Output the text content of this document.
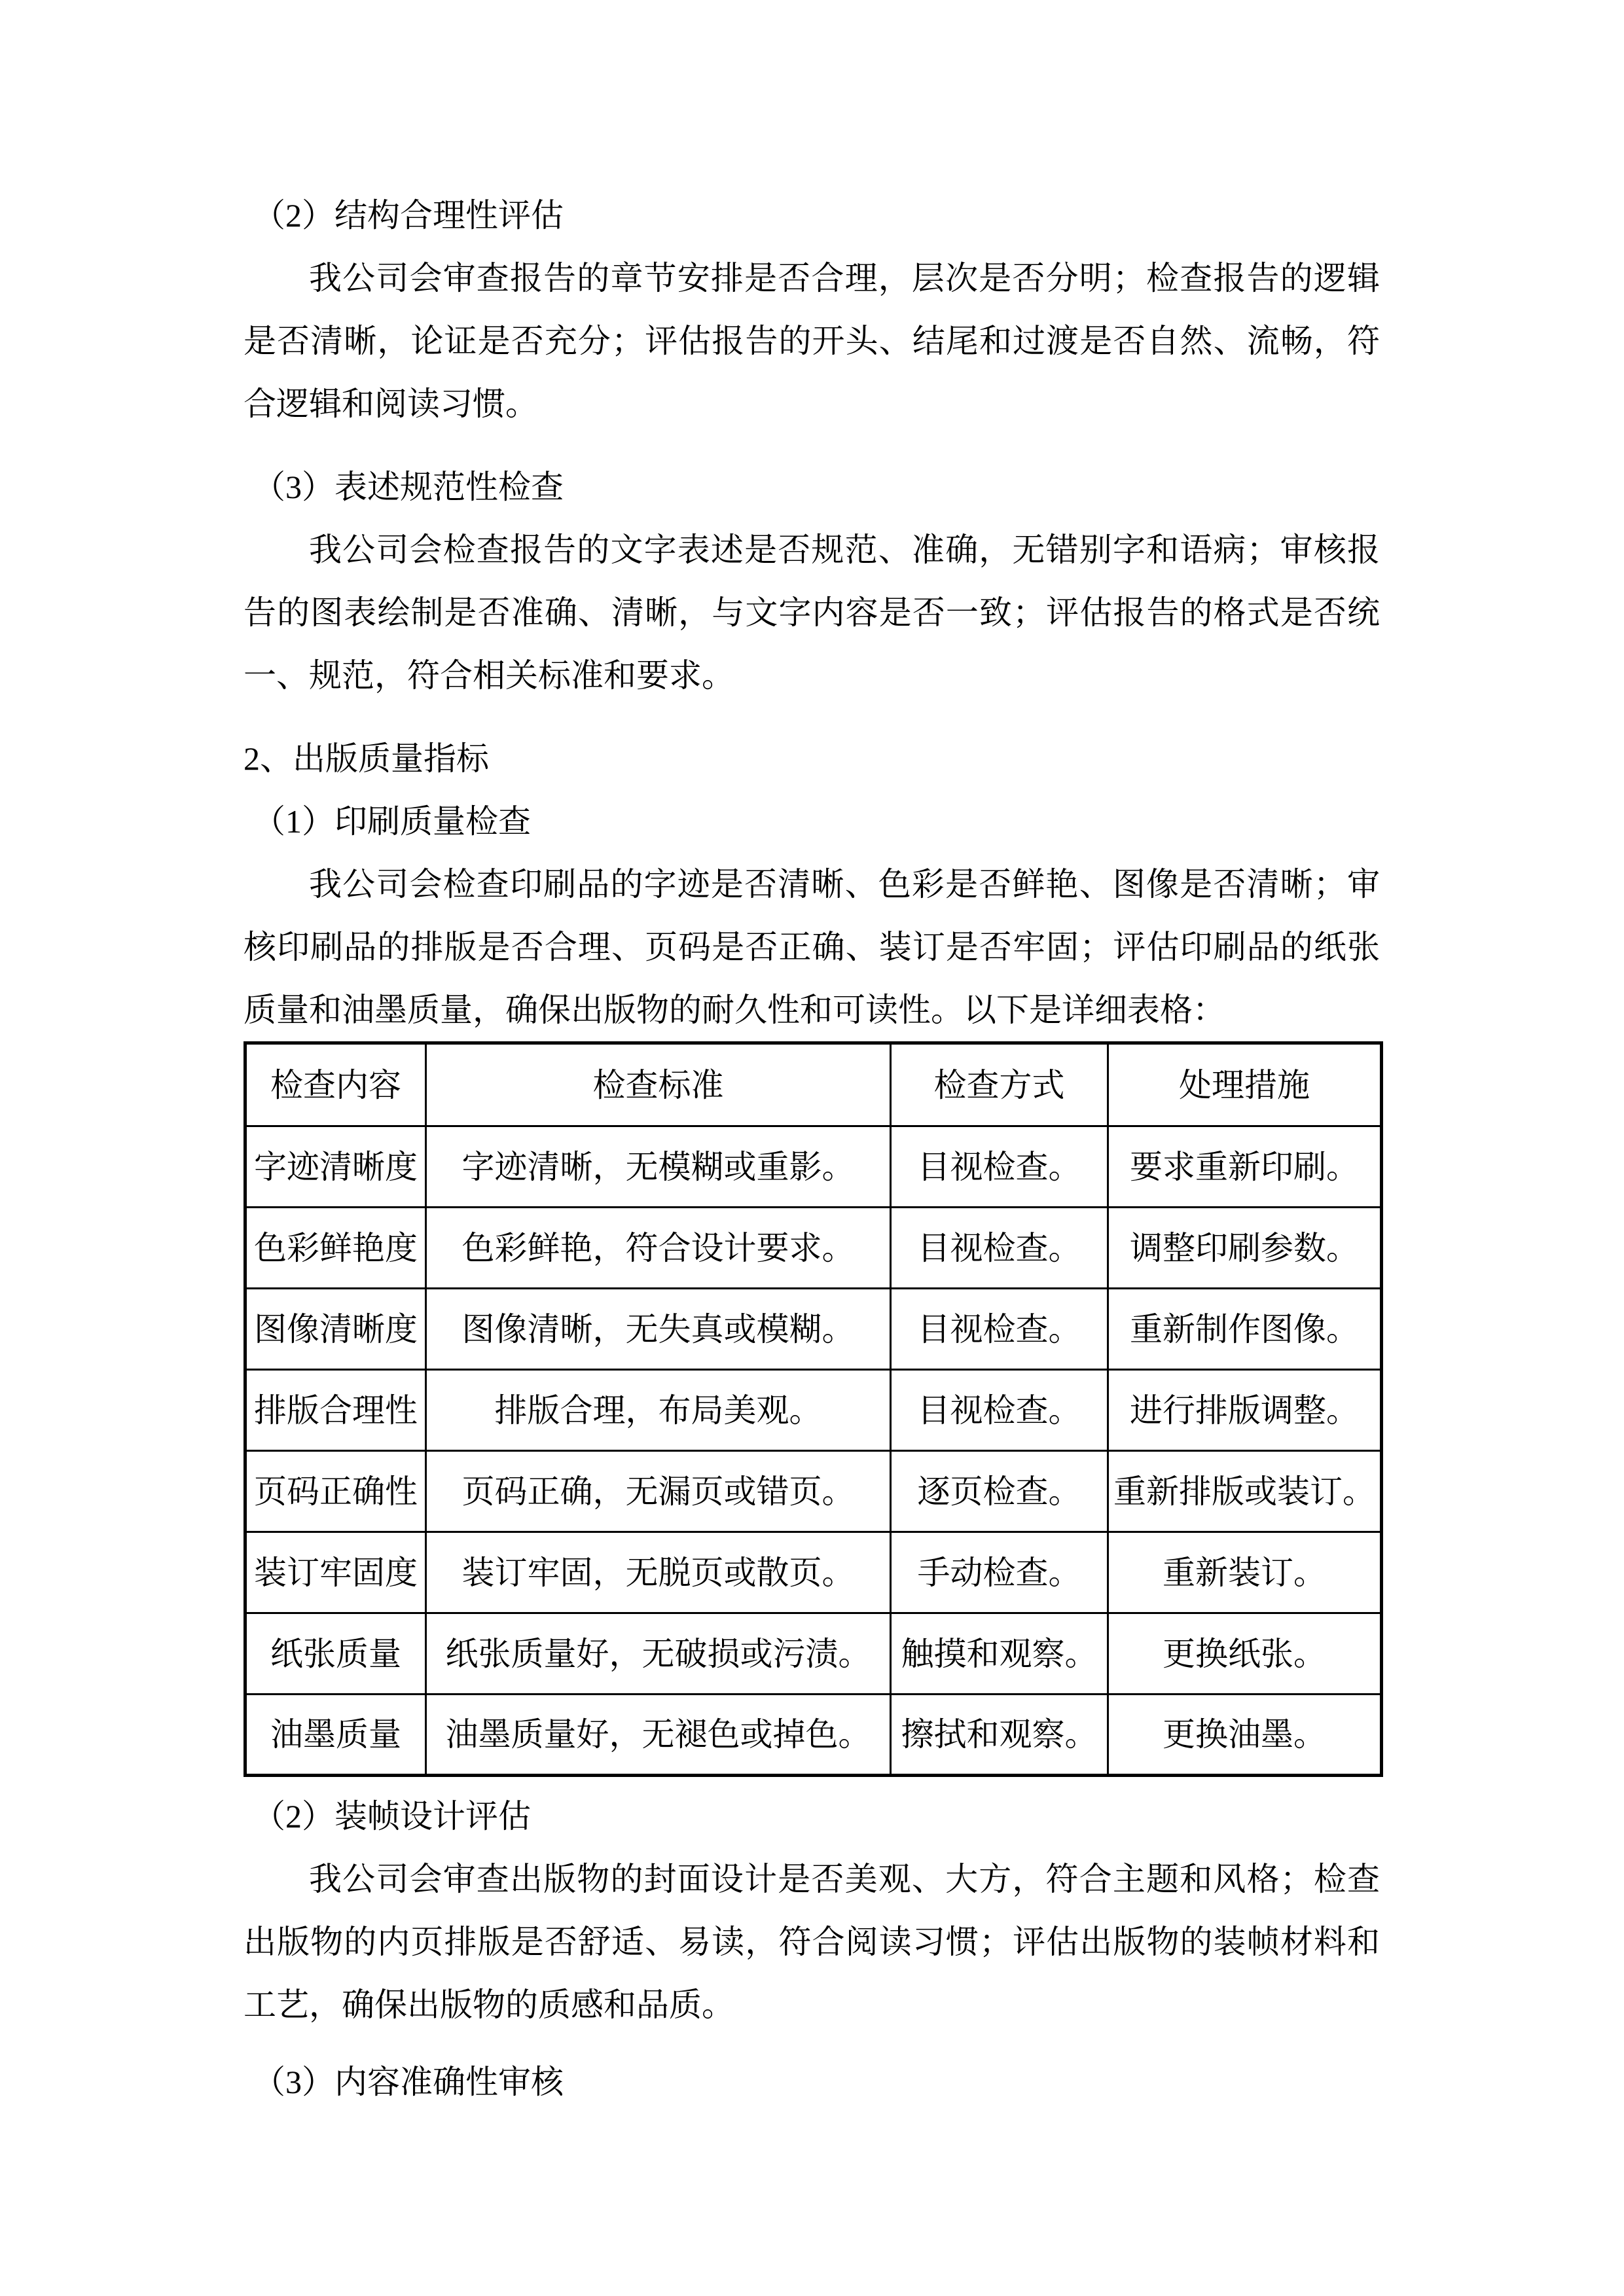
（2）结构合理性评估

我公司会审查报告的章节安排是否合理，层次是否分明；检查报告的逻辑是否清晰，论证是否充分；评估报告的开头、结尾和过渡是否自然、流畅，符合逻辑和阅读习惯。

（3）表述规范性检查

我公司会检查报告的文字表述是否规范、准确，无错别字和语病；审核报告的图表绘制是否准确、清晰，与文字内容是否一致；评估报告的格式是否统一、规范，符合相关标准和要求。

2、出版质量指标
（1）印刷质量检查

我公司会检查印刷品的字迹是否清晰、色彩是否鲜艳、图像是否清晰；审核印刷品的排版是否合理、页码是否正确、装订是否牢固；评估印刷品的纸张质量和油墨质量，确保出版物的耐久性和可读性。以下是详细表格：

检查内容	检查标准	检查方式	处理措施
字迹清晰度	字迹清晰，无模糊或重影。	目视检查。	要求重新印刷。
色彩鲜艳度	色彩鲜艳，符合设计要求。	目视检查。	调整印刷参数。
图像清晰度	图像清晰，无失真或模糊。	目视检查。	重新制作图像。
排版合理性	排版合理，布局美观。	目视检查。	进行排版调整。
页码正确性	页码正确，无漏页或错页。	逐页检查。	重新排版或装订。
装订牢固度	装订牢固，无脱页或散页。	手动检查。	重新装订。
纸张质量	纸张质量好，无破损或污渍。	触摸和观察。	更换纸张。
油墨质量	油墨质量好，无褪色或掉色。	擦拭和观察。	更换油墨。
（2）装帧设计评估

我公司会审查出版物的封面设计是否美观、大方，符合主题和风格；检查出版物的内页排版是否舒适、易读，符合阅读习惯；评估出版物的装帧材料和工艺，确保出版物的质感和品质。

（3）内容准确性审核
